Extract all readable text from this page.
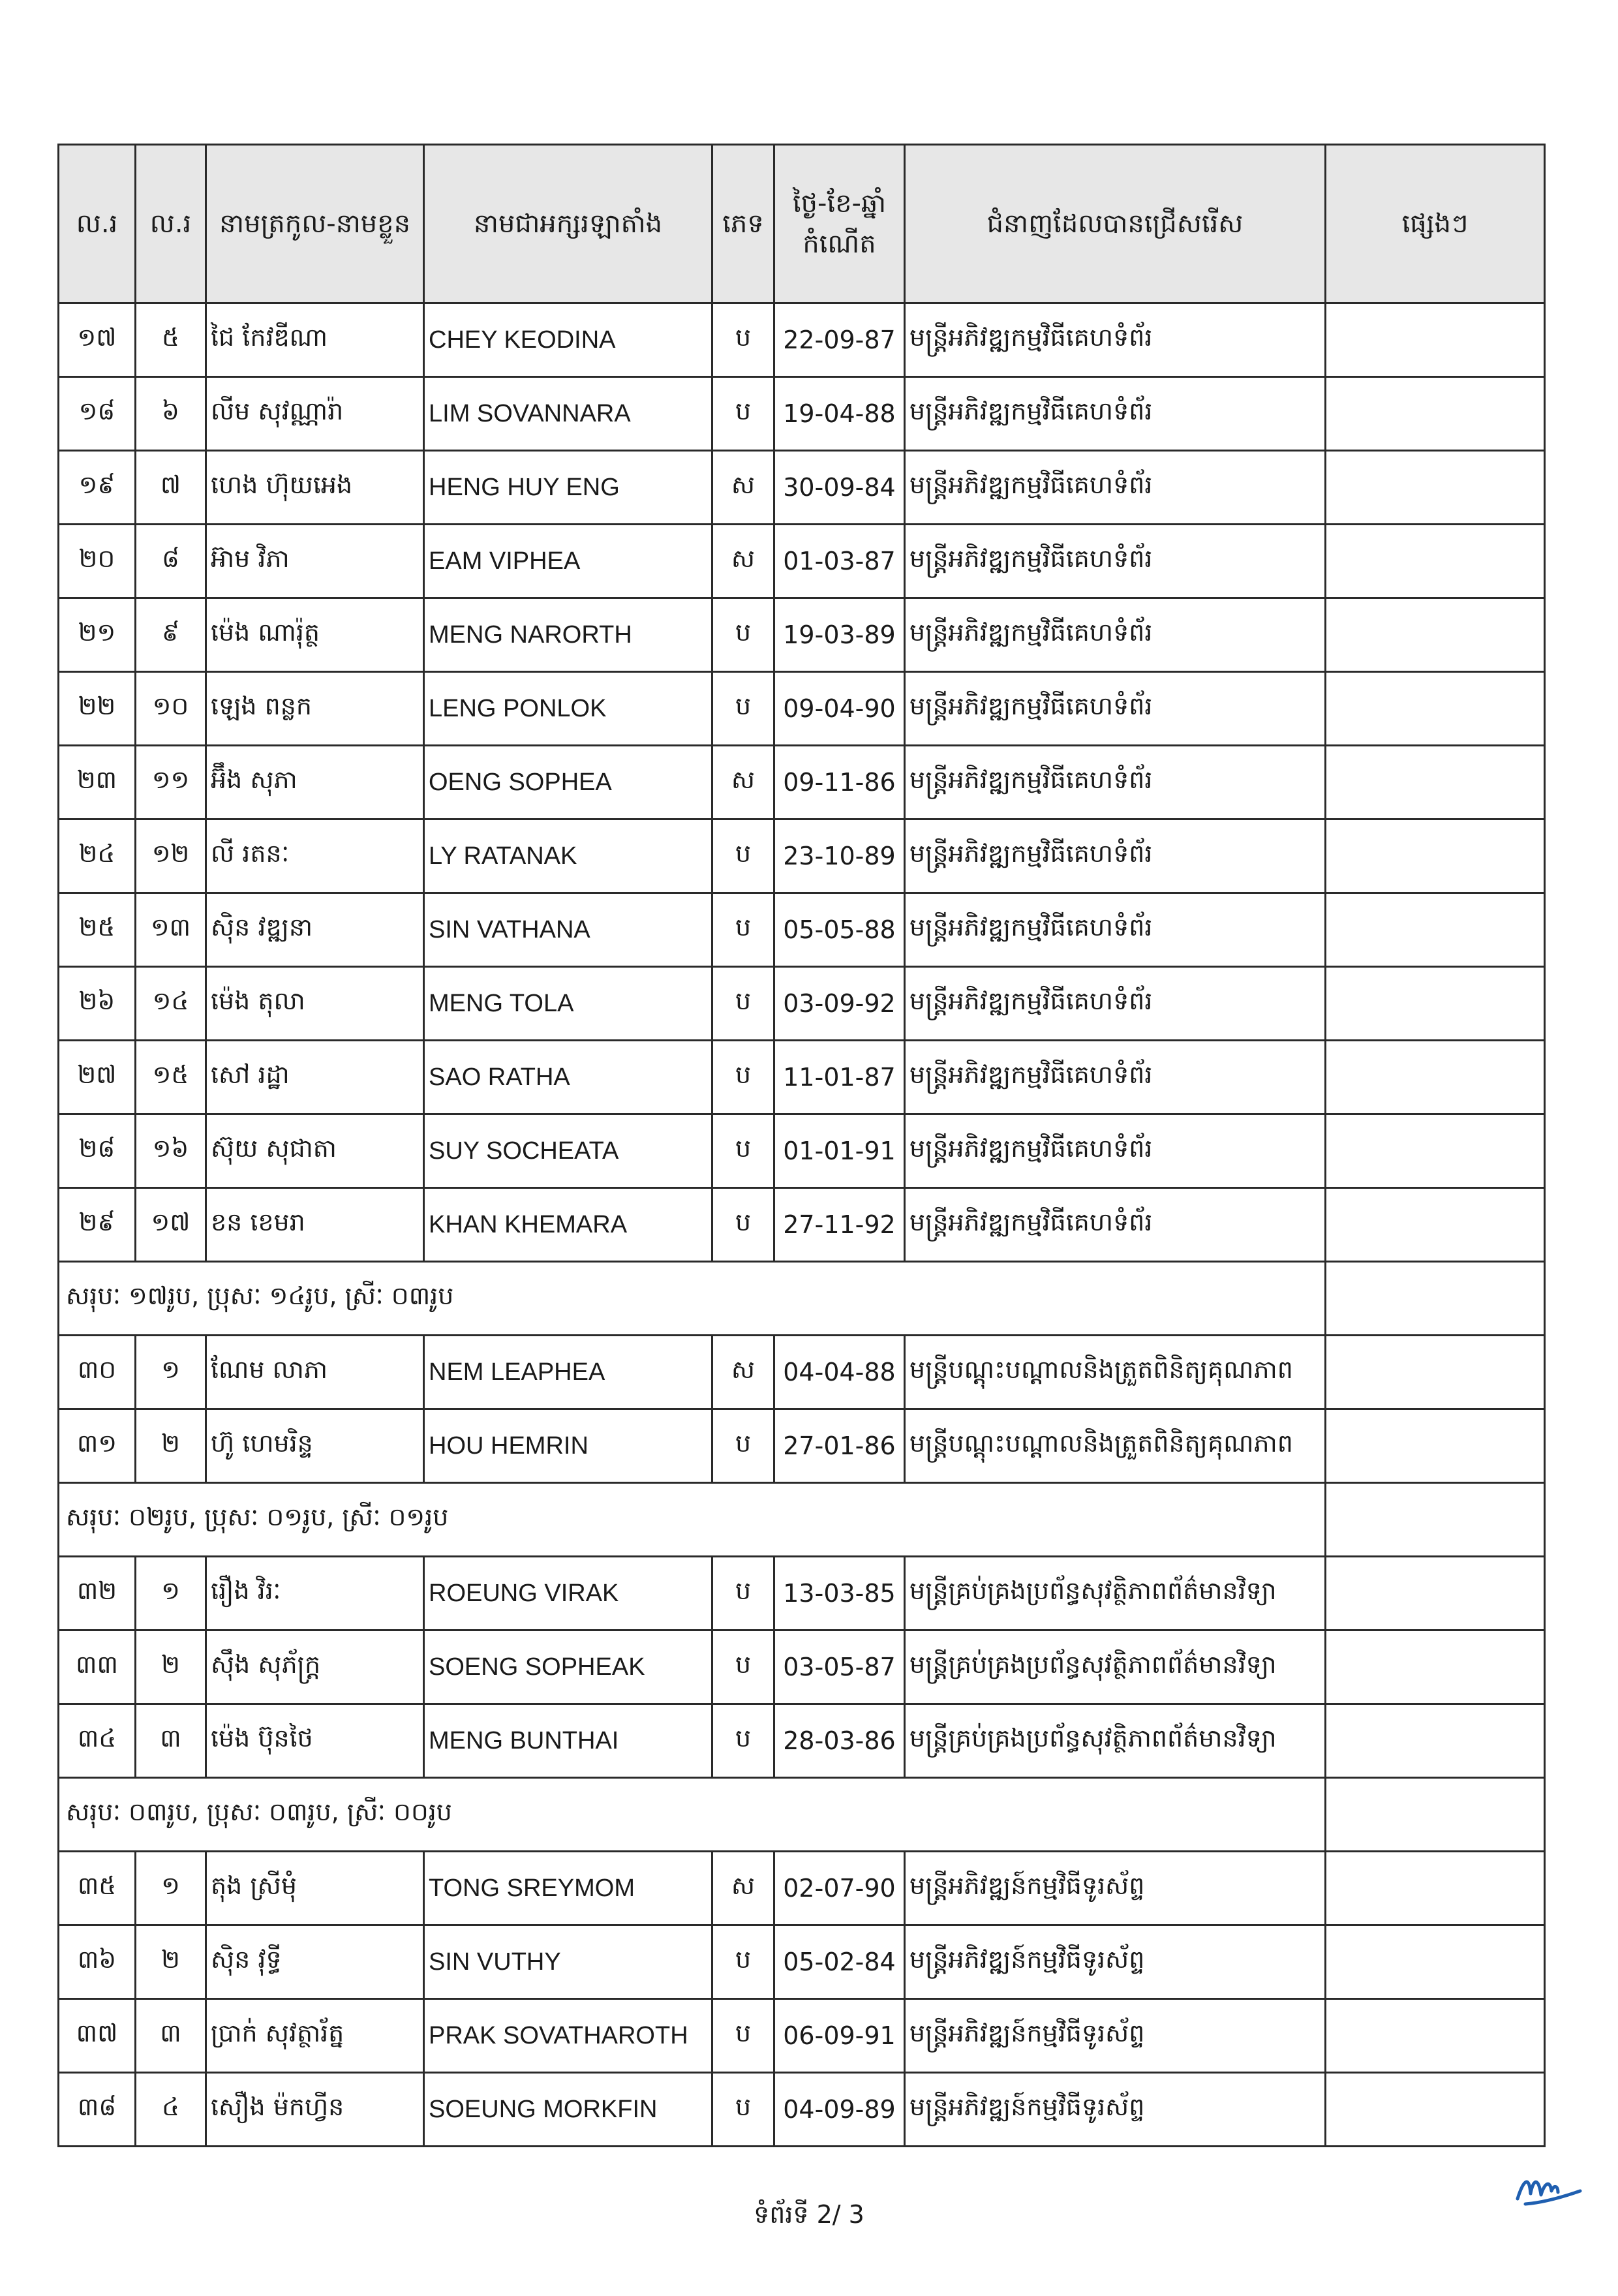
ល.រ	ល.រ	នាមត្រកូល-នាមខ្លួន	នាមជាអក្សរឡាតាំង	ភេទ	ថ្ងៃ-ខែ-ឆ្នាំ កំណើត	ជំនាញដែលបានជ្រើសរើស	ផ្សេងៗ
១៧	៥	ជៃ កែវឌីណា	CHEY KEODINA	ប	22-09-87	មន្ត្រីអភិវឌ្ឍកម្មវិធីគេហទំព័រ	
១៨	៦	លីម សុវណ្ណារ៉ា	LIM SOVANNARA	ប	19-04-88	មន្ត្រីអភិវឌ្ឍកម្មវិធីគេហទំព័រ	
១៩	៧	ហេង ហ៊ុយអេង	HENG HUY ENG	ស	30-09-84	មន្ត្រីអភិវឌ្ឍកម្មវិធីគេហទំព័រ	
២០	៨	អ៊ាម វិភា	EAM VIPHEA	ស	01-03-87	មន្ត្រីអភិវឌ្ឍកម្មវិធីគេហទំព័រ	
២១	៩	ម៉េង ណារ៉ុត្ថ	MENG NARORTH	ប	19-03-89	មន្ត្រីអភិវឌ្ឍកម្មវិធីគេហទំព័រ	
២២	១០	ឡេង ពន្លក	LENG PONLOK	ប	09-04-90	មន្ត្រីអភិវឌ្ឍកម្មវិធីគេហទំព័រ	
២៣	១១	អ៊ឹង សុភា	OENG SOPHEA	ស	09-11-86	មន្ត្រីអភិវឌ្ឍកម្មវិធីគេហទំព័រ	
២៤	១២	លី រតនៈ	LY RATANAK	ប	23-10-89	មន្ត្រីអភិវឌ្ឍកម្មវិធីគេហទំព័រ	
២៥	១៣	ស៊ិន វឌ្ឍនា	SIN VATHANA	ប	05-05-88	មន្ត្រីអភិវឌ្ឍកម្មវិធីគេហទំព័រ	
២៦	១៤	ម៉េង តុលា	MENG TOLA	ប	03-09-92	មន្ត្រីអភិវឌ្ឍកម្មវិធីគេហទំព័រ	
២៧	១៥	សៅ រដ្ឋា	SAO RATHA	ប	11-01-87	មន្ត្រីអភិវឌ្ឍកម្មវិធីគេហទំព័រ	
២៨	១៦	ស៊ុយ សុជាតា	SUY SOCHEATA	ប	01-01-91	មន្ត្រីអភិវឌ្ឍកម្មវិធីគេហទំព័រ	
២៩	១៧	ខន ខេមរា	KHAN KHEMARA	ប	27-11-92	មន្ត្រីអភិវឌ្ឍកម្មវិធីគេហទំព័រ	
សរុបៈ ១៧រូប, ប្រុសៈ ១៤រូប, ស្រីៈ ០៣រូប							
៣០	១	ណែម លាភា	NEM LEAPHEA	ស	04-04-88	មន្ត្រីបណ្តុះបណ្តាលនិងត្រួតពិនិត្យគុណភាព	
៣១	២	ហ៊ូ ហេមរិន្ទ	HOU HEMRIN	ប	27-01-86	មន្ត្រីបណ្តុះបណ្តាលនិងត្រួតពិនិត្យគុណភាព	
សរុបៈ ០២រូប, ប្រុសៈ ០១រូប, ស្រីៈ ០១រូប							
៣២	១	រឿង វិរៈ	ROEUNG VIRAK	ប	13-03-85	មន្ត្រីគ្រប់គ្រងប្រព័ន្ធសុវត្ថិភាពព័ត៌មានវិទ្យា	
៣៣	២	ស៊ឹង សុភ័ក្ត្រ	SOENG SOPHEAK	ប	03-05-87	មន្ត្រីគ្រប់គ្រងប្រព័ន្ធសុវត្ថិភាពព័ត៌មានវិទ្យា	
៣៤	៣	ម៉េង ប៊ុនថៃ	MENG BUNTHAI	ប	28-03-86	មន្ត្រីគ្រប់គ្រងប្រព័ន្ធសុវត្ថិភាពព័ត៌មានវិទ្យា	
សរុបៈ ០៣រូប, ប្រុសៈ ០៣រូប, ស្រីៈ ០០រូប							
៣៥	១	តុង ស្រីមុំ	TONG SREYMOM	ស	02-07-90	មន្ត្រីអភិវឌ្ឍន៍កម្មវិធីទូរស័ព្ទ	
៣៦	២	ស៊ិន វុទ្ធី	SIN VUTHY	ប	05-02-84	មន្ត្រីអភិវឌ្ឍន៍កម្មវិធីទូរស័ព្ទ	
៣៧	៣	ប្រាក់ សុវត្ថារ័ត្ន	PRAK SOVATHAROTH	ប	06-09-91	មន្ត្រីអភិវឌ្ឍន៍កម្មវិធីទូរស័ព្ទ	
៣៨	៤	សឿង ម៉កហ្វីន	SOEUNG MORKFIN	ប	04-09-89	មន្ត្រីអភិវឌ្ឍន៍កម្មវិធីទូរស័ព្ទ	
ទំព័រទី 2/ 3
